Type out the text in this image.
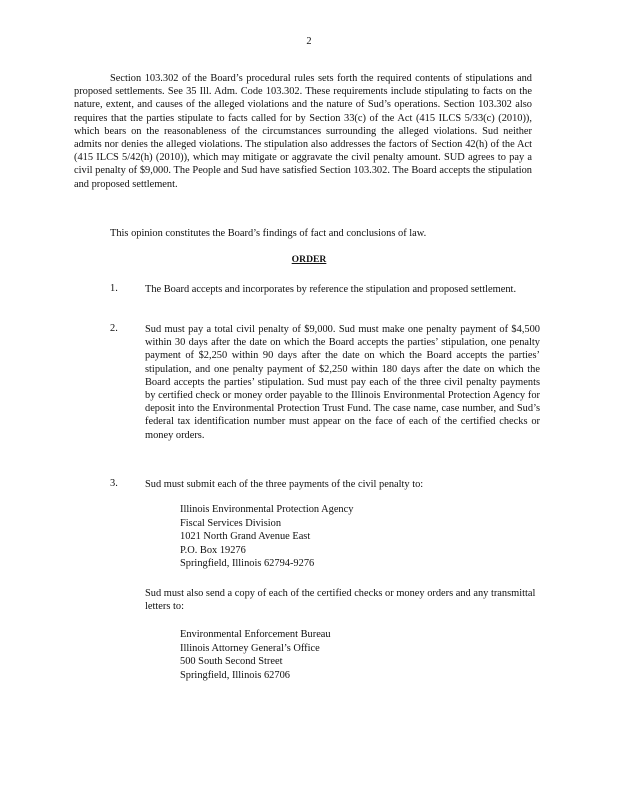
2

Section 103.302 of the Board’s procedural rules sets forth the required contents of stipulations and proposed settlements. See 35 Ill. Adm. Code 103.302. These requirements include stipulating to facts on the nature, extent, and causes of the alleged violations and the nature of Sud’s operations. Section 103.302 also requires that the parties stipulate to facts called for by Section 33(c) of the Act (415 ILCS 5/33(c) (2010)), which bears on the reasonableness of the circumstances surrounding the alleged violations. Sud neither admits nor denies the alleged violations. The stipulation also addresses the factors of Section 42(h) of the Act (415 ILCS 5/42(h) (2010)), which may mitigate or aggravate the civil penalty amount. SUD agrees to pay a civil penalty of $9,000. The People and Sud have satisfied Section 103.302. The Board accepts the stipulation and proposed settlement.

This opinion constitutes the Board’s findings of fact and conclusions of law.

ORDER
1.	The Board accepts and incorporates by reference the stipulation and proposed settlement.

2.	Sud must pay a total civil penalty of $9,000. Sud must make one penalty payment of $4,500 within 30 days after the date on which the Board accepts the parties’ stipulation, one penalty payment of $2,250 within 90 days after the date on which the Board accepts the parties’ stipulation, and one penalty payment of $2,250 within 180 days after the date on which the Board accepts the parties’ stipulation. Sud must pay each of the three civil penalty payments by certified check or money order payable to the Illinois Environmental Protection Agency for deposit into the Environmental Protection Trust Fund. The case name, case number, and Sud’s federal tax identification number must appear on the face of each of the certified checks or money orders.

3.	Sud must submit each of the three payments of the civil penalty to:

Illinois Environmental Protection Agency
Fiscal Services Division
1021 North Grand Avenue East
P.O. Box 19276
Springfield, Illinois 62794-9276

Sud must also send a copy of each of the certified checks or money orders and any transmittal letters to:

Environmental Enforcement Bureau
Illinois Attorney General’s Office
500 South Second Street
Springfield, Illinois 62706
